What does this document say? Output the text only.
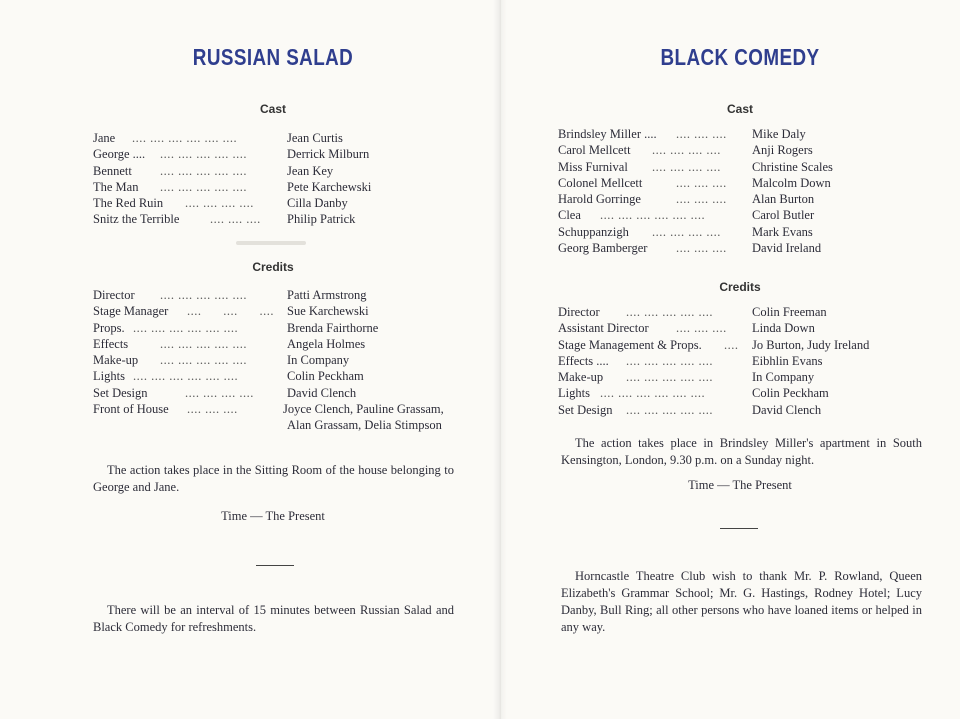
RUSSIAN SALAD
Cast
Jane .... .... .... .... .... ....	Jean Curtis
George .... .... .... .... .... ....	Derrick Milburn
Bennett .... .... .... .... ....	Jean Key
The Man .... .... .... .... ....	Pete Karchewski
The Red Ruin .... .... .... ....	Cilla Danby
Snitz the Terrible .... .... .... Philip Patrick
Credits
Director .... .... .... .... ....	Patti Armstrong
Stage Manager ....      ....      .... Sue Karchewski
Props. .... .... .... .... .... ....	Brenda Fairthorne
Effects	.... .... .... .... ....	Angela Holmes
Make-up .... .... .... .... ....	In Company
Lights .... .... .... .... .... ....	Colin Peckham
Set Design	.... .... .... ....	David Clench
Front of House .... .... ....	Joyce Clench, Pauline Grassam,
Alan Grassam, Delia Stimpson
The action takes place in the Sitting Room of the house belonging to George and Jane.
Time — The Present
There will be an interval of 15 minutes between Russian Salad and Black Comedy for refreshments.
BLACK COMEDY
Cast
Brindsley Miller .... .... .... .... Mike Daly
Carol Mellcett .... .... .... .... Anji Rogers
Miss Furnival .... .... .... .... Christine Scales
Colonel Mellcett	.... .... .... Malcolm Down
Harold Gorringe	.... .... .... Alan Burton
Clea .... .... .... .... .... ....	Carol Butler
Schuppanzigh .... .... .... .... Mark Evans
Georg Bamberger .... .... .... David Ireland
Credits
Director .... .... .... .... ....	Colin Freeman
Assistant Director .... .... .... Linda Down
Stage Management & Props. .... Jo Burton, Judy Ireland
Effects .... .... .... .... .... ....	Eibhlin Evans
Make-up .... .... .... .... ....	In Company
Lights .... .... .... .... .... ....	Colin Peckham
Set Design .... .... .... .... ....	David Clench
The action takes place in Brindsley Miller's apartment in South Kensington, London, 9.30 p.m. on a Sunday night.
Time — The Present
Horncastle Theatre Club wish to thank Mr. P. Rowland, Queen Elizabeth's Grammar School; Mr. G. Hastings, Rodney Hotel; Lucy Danby, Bull Ring; all other persons who have loaned items or helped in any way.
